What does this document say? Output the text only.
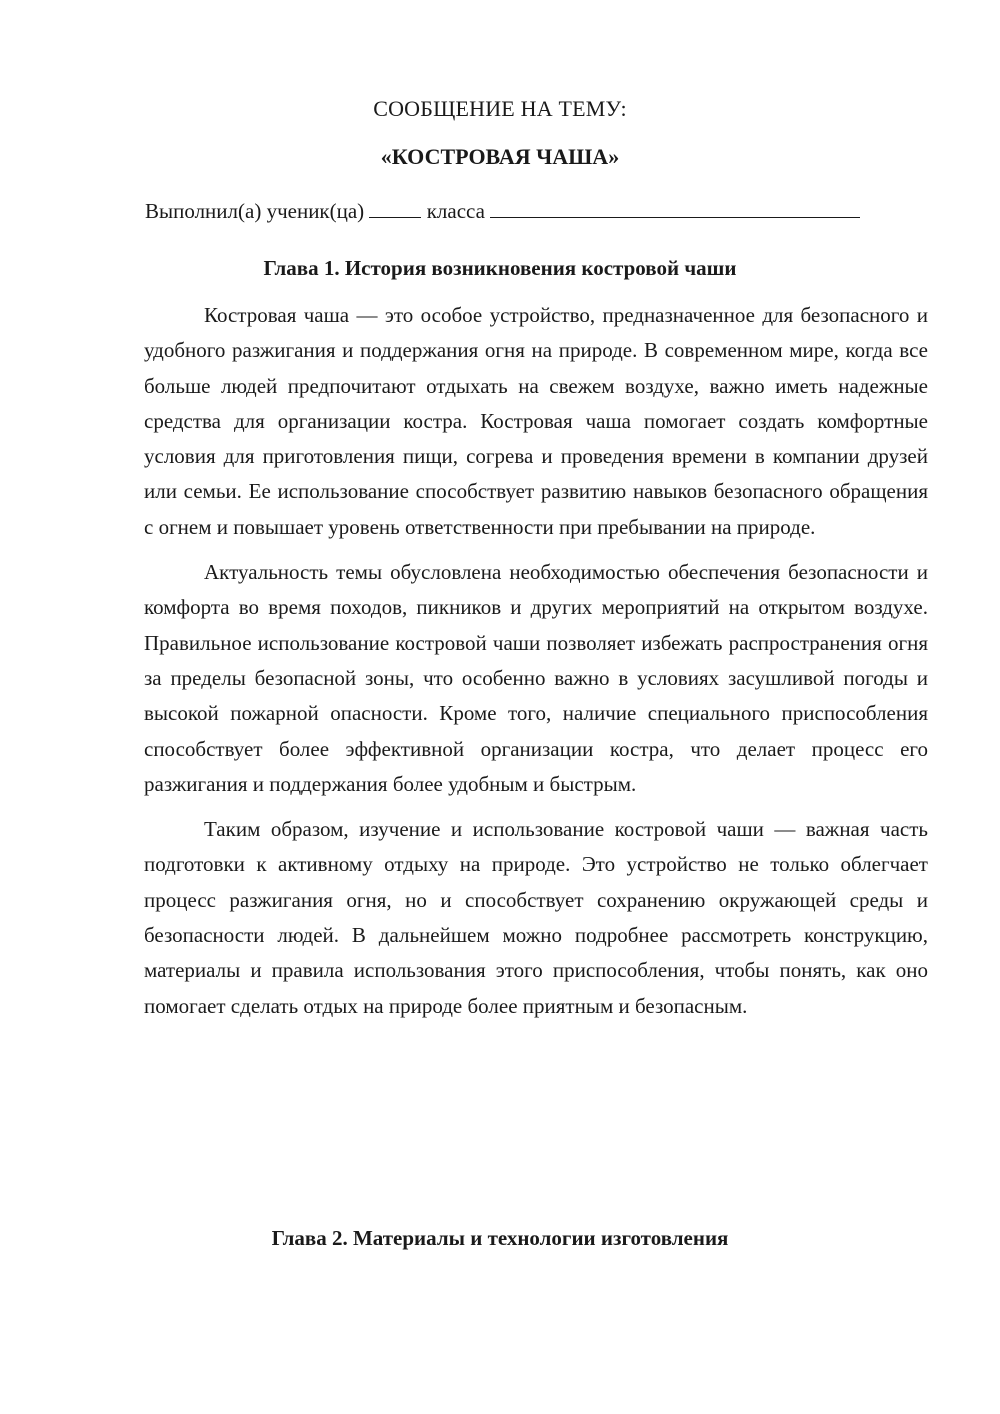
СООБЩЕНИЕ НА ТЕМУ:
«КОСТРОВАЯ ЧАША»
Выполнил(а) ученик(ца)	класса
Глава 1. История возникновения костровой чаши

Костровая чаша — это особое устройство, предназначенное для безопасного и удобного разжигания и поддержания огня на природе. В современном мире, когда все больше людей предпочитают отдыхать на свежем воздухе, важно иметь надежные средства для организации костра. Костровая чаша помогает создать комфортные условия для приготовления пищи, согрева и проведения времени в компании друзей или семьи. Ее использование способствует развитию навыков безопасного обращения с огнем и повышает уровень ответственности при пребывании на природе.

Актуальность темы обусловлена необходимостью обеспечения безопасности и комфорта во время походов, пикников и других мероприятий на открытом воздухе. Правильное использование костровой чаши позволяет избежать распространения огня за пределы безопасной зоны, что особенно важно в условиях засушливой погоды и высокой пожарной опасности. Кроме того, наличие специального приспособления способствует более эффективной организации костра, что делает процесс его разжигания и поддержания более удобным и быстрым.

Таким образом, изучение и использование костровой чаши — важная часть подготовки к активному отдыху на природе. Это устройство не только облегчает процесс разжигания огня, но и способствует сохранению окружающей среды и безопасности людей. В дальнейшем можно подробнее рассмотреть конструкцию, материалы и правила использования этого приспособления, чтобы понять, как оно помогает сделать отдых на природе более приятным и безопасным.

Глава 2. Материалы и технологии изготовления
